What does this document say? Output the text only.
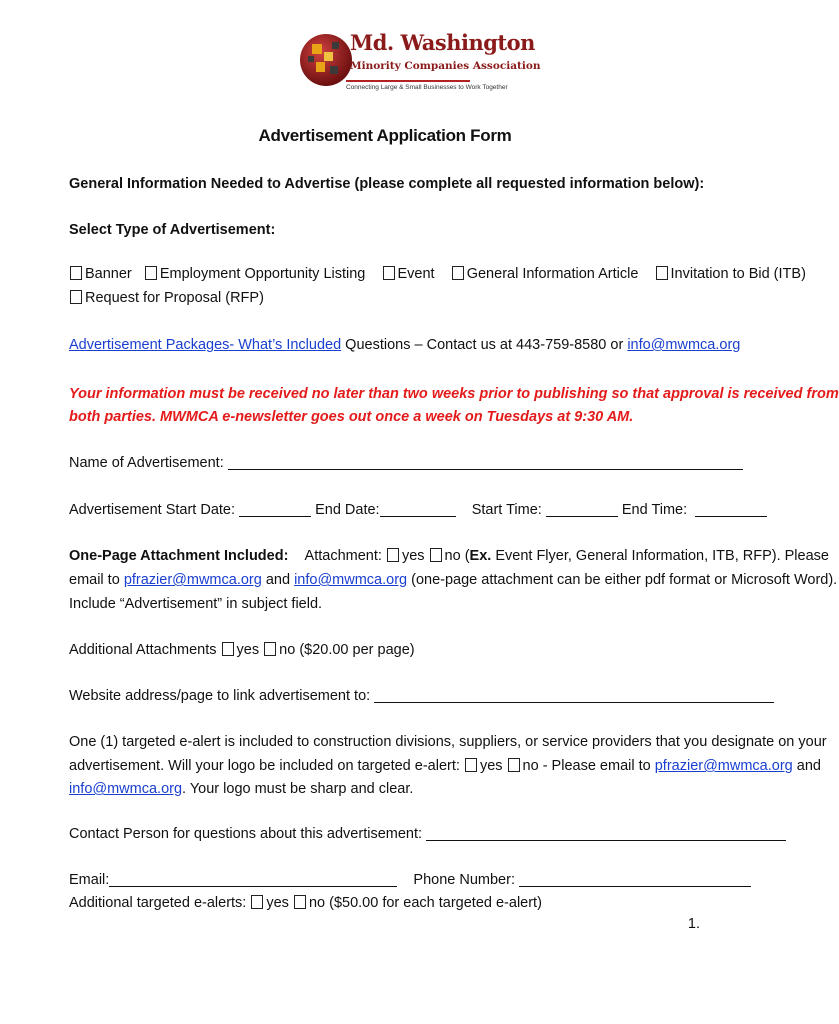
Md. Washington
Minority Companies Association
Connecting Large & Small Businesses to Work Together
Advertisement Application Form
General Information Needed to Advertise (please complete all requested information below):
Select Type of Advertisement:
Banner Employment Opportunity Listing Event General Information Article Invitation to Bid (ITB)
Request for Proposal (RFP)
Advertisement Packages- What’s Included Questions – Contact us at 443-759-8580 or info@mwmca.org
Your information must be received no later than two weeks prior to publishing so that approval is received from
both parties. MWMCA e-newsletter goes out once a week on Tuesdays at 9:30 AM.
Name of Advertisement:
Advertisement Start Date:	End Date:	Start Time:	End Time:
One-Page Attachment Included: Attachment: yes no (Ex. Event Flyer, General Information, ITB, RFP). Please
email to pfrazier@mwmca.org and info@mwmca.org (one-page attachment can be either pdf format or Microsoft Word).
Include “Advertisement” in subject field.
Additional Attachments yes no ($20.00 per page)
Website address/page to link advertisement to:
One (1) targeted e-alert is included to construction divisions, suppliers, or service providers that you designate on your
advertisement. Will your logo be included on targeted e-alert: yes no - Please email to pfrazier@mwmca.org and
info@mwmca.org. Your logo must be sharp and clear.
Contact Person for questions about this advertisement:
Email:	Phone Number:
Additional targeted e-alerts: yes no ($50.00 for each targeted e-alert)
1.
